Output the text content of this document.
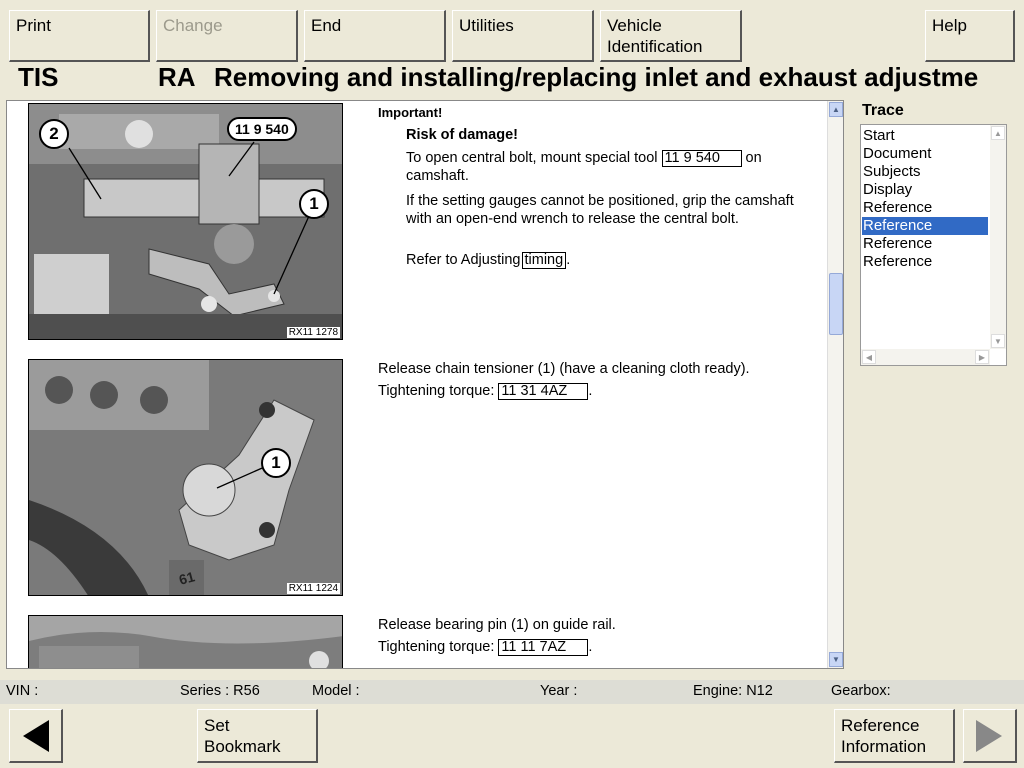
Print	Change	End	Utilities	Vehicle
Identification
Help
TIS	RA Removing and installing/replacing inlet and exhaust adjustme
2	11 9 540
1
RX11 1278
Important!
Risk of damage!
To open central bolt, mount special tool 11 9 540 on
camshaft.
If the setting gauges cannot be positioned, grip the camshaft with an open-end wrench to release the central bolt.
Refer to Adjusting timing .
1
61
RX11 1224
Release chain tensioner (1) (have a cleaning cloth ready).
Tightening torque: 11 31 4AZ .
Release bearing pin (1) on guide rail.
Tightening torque: 11 11 7AZ .
▲
▼
Trace
Start
Document
Subjects
Display
Reference
Reference
Reference
Reference
▲
▼
◀	▶
VIN :	Series : R56	Model :	Year :	Engine: N12	Gearbox:
Set
Bookmark
Reference
Information
